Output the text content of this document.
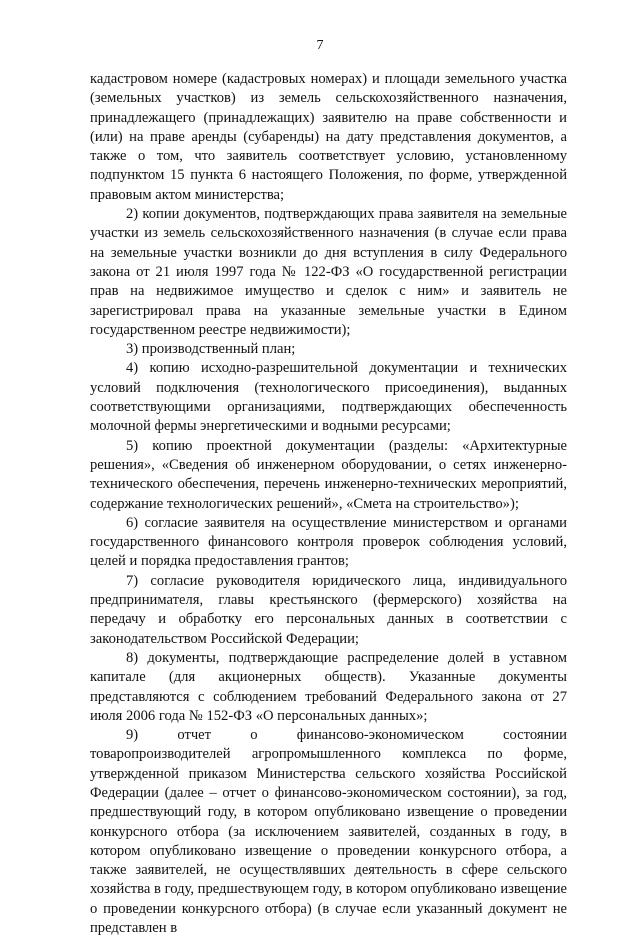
7

кадастровом номере (кадастровых номерах) и площади земельного участка (земельных участков) из земель сельскохозяйственного назначения, принадлежащего (принадлежащих) заявителю на праве собственности и (или) на праве аренды (субаренды) на дату представления документов, а также о том, что заявитель соответствует условию, установленному подпунктом 15 пункта 6 настоящего Положения, по форме, утвержденной правовым актом министерства;

2) копии документов, подтверждающих права заявителя на земельные участки из земель сельскохозяйственного назначения (в случае если права на земельные участки возникли до дня вступления в силу Федерального закона от 21 июля 1997 года № 122-ФЗ «О государственной регистрации прав на недвижимое имущество и сделок с ним» и заявитель не зарегистрировал права на указанные земельные участки в Едином государственном реестре недвижимости);

3) производственный план;

4) копию исходно-разрешительной документации и технических условий подключения (технологического присоединения), выданных соответствующими организациями, подтверждающих обеспеченность молочной фермы энергетическими и водными ресурсами;

5) копию проектной документации (разделы: «Архитектурные решения», «Сведения об инженерном оборудовании, о сетях инженерно-технического обеспечения, перечень инженерно-технических мероприятий, содержание технологических решений», «Смета на строительство»);

6) согласие заявителя на осуществление министерством и органами государственного финансового контроля проверок соблюдения условий, целей и порядка предоставления грантов;

7) согласие руководителя юридического лица, индивидуального предпринимателя, главы крестьянского (фермерского) хозяйства на передачу и обработку его персональных данных в соответствии с законодательством Российской Федерации;

8) документы, подтверждающие распределение долей в уставном капитале (для акционерных обществ). Указанные документы представляются с соблюдением требований Федерального закона от 27 июля 2006 года № 152-ФЗ «О персональных данных»;

9) отчет о финансово-экономическом состоянии товаропроизводителей агропромышленного комплекса по форме, утвержденной приказом Министерства сельского хозяйства Российской Федерации (далее – отчет о финансово-экономическом состоянии), за год, предшествующий году, в котором опубликовано извещение о проведении конкурсного отбора (за исключением заявителей, созданных в году, в котором опубликовано извещение о проведении конкурсного отбора, а также заявителей, не осуществлявших деятельность в сфере сельского хозяйства в году, предшествующем году, в котором опубликовано извещение о проведении конкурсного отбора) (в случае если указанный документ не представлен в
